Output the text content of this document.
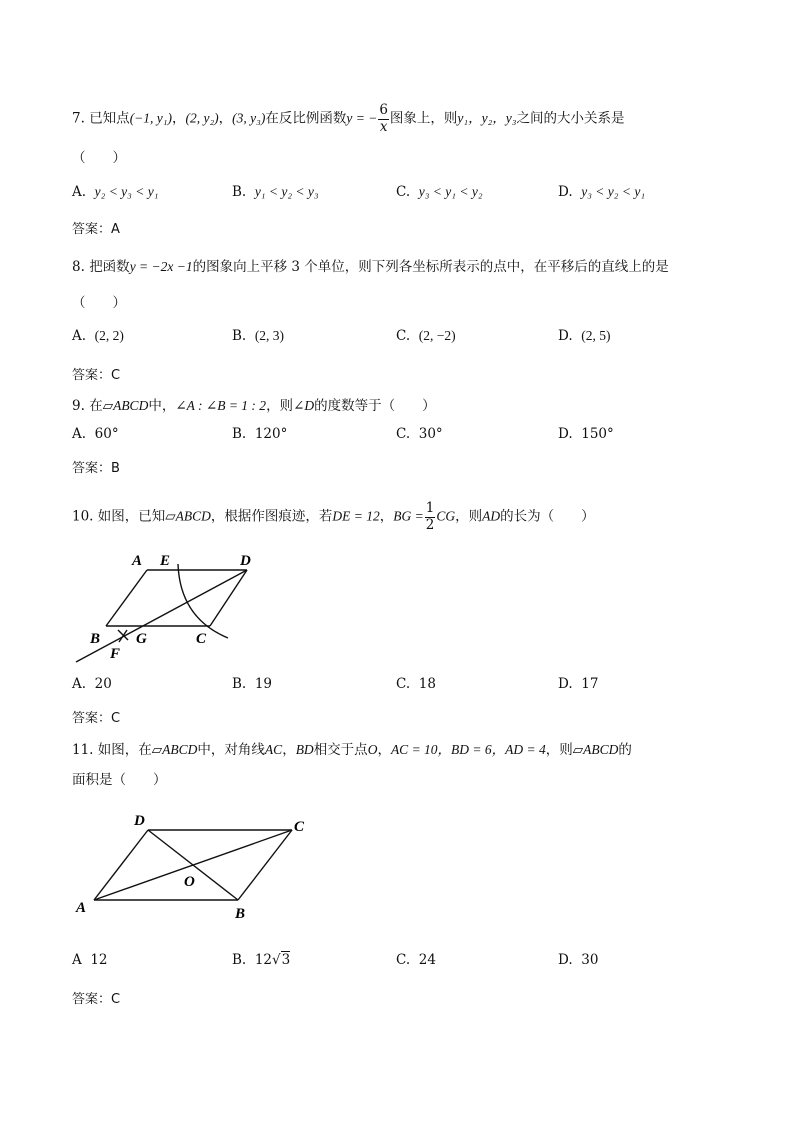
7. 已知点(−1, y₁)，(2, y₂)，(3, y₃)在反比例函数y = − $\frac{6}{x}$ 图象上，则y₁，y₂，y₃之间的大小关系是
（　　）
A. y₂ < y₃ < y₁	B. y₁ < y₂ < y₃	C. y₃ < y₁ < y₂	D. y₃ < y₂ < y₁
答案：A
8. 把函数y = −2x −1的图象向上平移 3 个单位，则下列各坐标所表示的点中，在平移后的直线上的是
（　　）
A. (2, 2)	B. (2, 3)	C. (2, −2)	D. (2, 5)
答案：C
9. 在▱ABCD中，∠A : ∠B = 1 : 2，则∠D的度数等于（　　）
A. 60°	B. 120°	C. 30°	D. 150°
答案：B
10. 如图，已知▱ABCD，根据作图痕迹，若DE = 12，BG = $\frac{1}{2}$ CG，则AD的长为（　　）
A E	D
B G	C
F
A. 20	B. 19	C. 18	D. 17
答案：C
11. 如图，在▱ABCD中，对角线AC，BD相交于点O，AC = 10，BD = 6，AD = 4，则▱ABCD的
面积是（　　）
D	C
O
A	B
A 12	B. 12√3	C. 24	D. 30
答案：C
